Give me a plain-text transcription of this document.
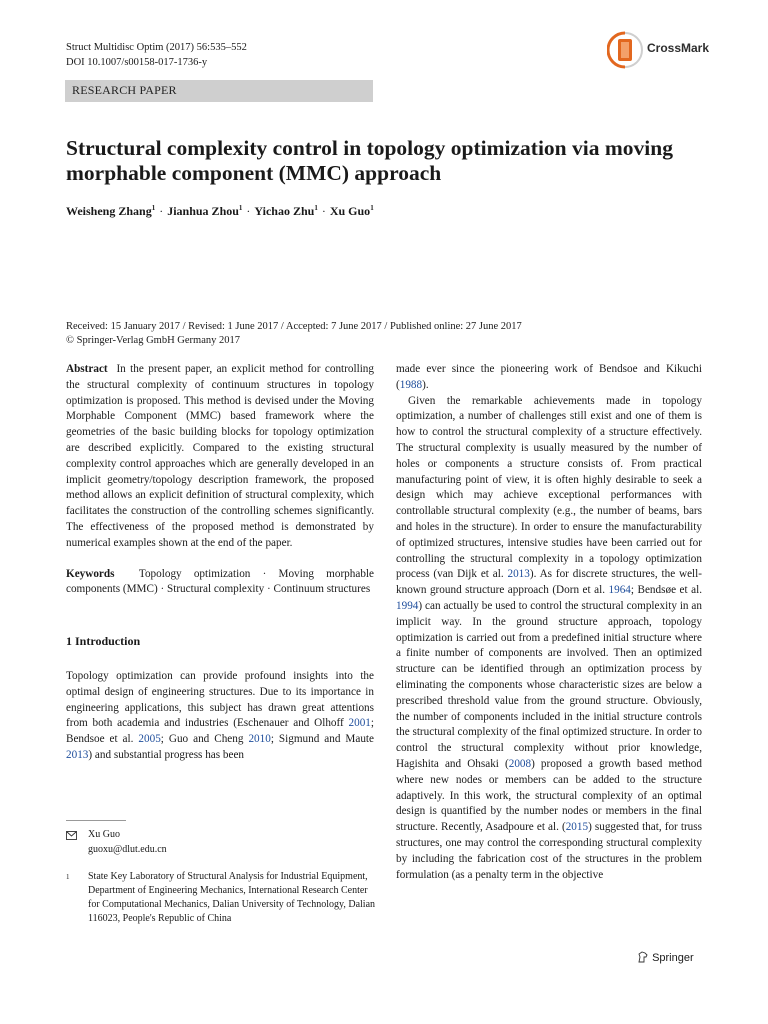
Struct Multidisc Optim (2017) 56:535–552
DOI 10.1007/s00158-017-1736-y
CrossMark
RESEARCH PAPER
Structural complexity control in topology optimization via moving morphable component (MMC) approach
Weisheng Zhang$^1$ · Jianhua Zhou$^1$ · Yichao Zhu$^1$ · Xu Guo$^1$
Received: 15 January 2017 / Revised: 1 June 2017 / Accepted: 7 June 2017 / Published online: 27 June 2017
© Springer-Verlag GmbH Germany 2017

Abstract In the present paper, an explicit method for controlling the structural complexity of continuum structures in topology optimization is proposed. This method is devised under the Moving Morphable Component (MMC) based framework where the geometries of the basic building blocks for topology optimization are described explicitly. Compared to the existing structural complexity control approaches which are generally developed in an implicit geometry/topology description framework, the proposed method allows an explicit definition of structural complexity, which facilitates the construction of the controlling schemes significantly. The effectiveness of the proposed method is demonstrated by numerical examples shown at the end of the paper.

Keywords Topology optimization · Moving morphable components (MMC) · Structural complexity · Continuum structures

1 Introduction

Topology optimization can provide profound insights into the optimal design of engineering structures. Due to its importance in engineering applications, this subject has drawn great attentions from both academia and industries (Eschenauer and Olhoff 2001; Bendsoe et al. 2005; Guo and Cheng 2010; Sigmund and Maute 2013) and substantial progress has been

Xu Guo
guoxu@dlut.edu.cn
1 State Key Laboratory of Structural Analysis for Industrial Equipment, Department of Engineering Mechanics, International Research Center for Computational Mechanics, Dalian University of Technology, Dalian 116023, People's Republic of China

made ever since the pioneering work of Bendsoe and Kikuchi (1988).

Given the remarkable achievements made in topology optimization, a number of challenges still exist and one of them is how to control the structural complexity of a structure effectively. The structural complexity is usually measured by the number of holes or components a structure consists of. From practical manufacturing point of view, it is often highly desirable to seek a design which may achieve exceptional performances with controllable structural complexity (e.g., the number of beams, bars and holes in the structure). In order to ensure the manufacturability of optimized structures, intensive studies have been carried out for controlling the structural complexity in a topology optimization process (van Dijk et al. 2013). As for discrete structures, the well-known ground structure approach (Dorn et al. 1964; Bendsøe et al. 1994) can actually be used to control the structural complexity in an implicit way. In the ground structure approach, topology optimization is carried out from a predefined initial structure where a finite number of components are involved. Then an optimized structure can be identified through an optimization process by eliminating the components whose characteristic sizes are below a prescribed threshold value from the ground structure. Obviously, the number of components included in the initial structure controls the structural complexity of the final optimized structure. In order to control the structural complexity without prior knowledge, Hagishita and Ohsaki (2008) proposed a growth based method where new nodes or members can be added to the structure adaptively. In this work, the structural complexity of an optimal design is quantified by the number nodes or members in the final structure. Recently, Asadpoure et al. (2015) suggested that, for truss structures, one may control the corresponding structural complexity by including the fabrication cost of the structures in the problem formulation (as a penalty term in the objective

Springer
